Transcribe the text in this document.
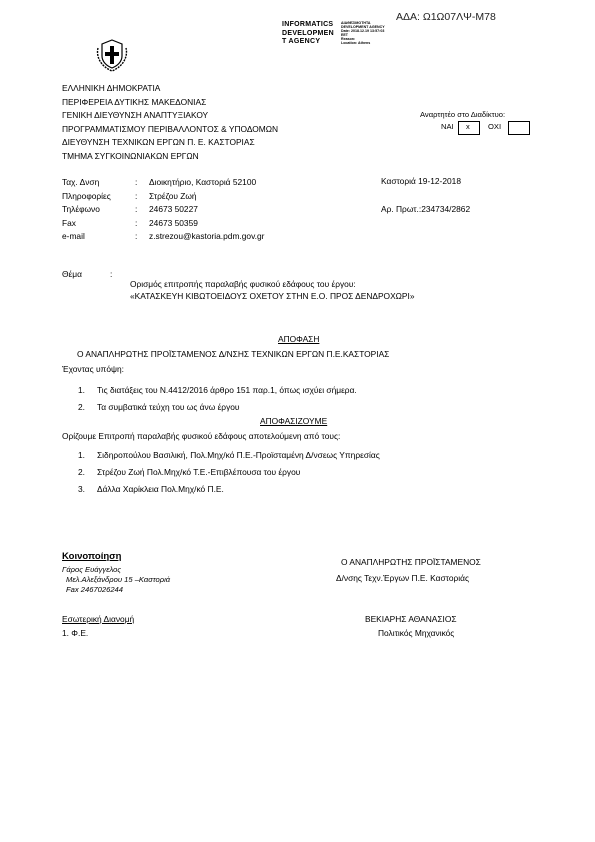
ΑΔΑ: Ω1Ω07ΛΨ-Μ78
INFORMATICS
DEVELOPMEN
T AGENCY
ΔΙΑΘΕΣΙΜΟΤΗΤΑ
DEVELOPMENT AGENCY
Date: 2018.12.19 13:57:03
EET
Reason:
Location: Athens
ΕΛΛΗΝΙΚΗ ΔΗΜΟΚΡΑΤΙΑ
ΠΕΡΙΦΕΡΕΙΑ ΔΥΤΙΚΗΣ ΜΑΚΕΔΟΝΙΑΣ
ΓΕΝΙΚΗ ΔΙΕΥΘΥΝΣΗ ΑΝΑΠΤΥΞΙΑΚΟΥ
ΠΡΟΓΡΑΜΜΑΤΙΣΜΟΥ ΠΕΡΙΒΑΛΛΟΝΤΟΣ & ΥΠΟΔΟΜΩΝ
ΔΙΕΥΘΥΝΣΗ ΤΕΧΝΙΚΩΝ ΕΡΓΩΝ Π. Ε. ΚΑΣΤΟΡΙΑΣ
ΤΜΗΜΑ ΣΥΓΚΟΙΝΩΝΙΑΚΩΝ ΕΡΓΩΝ
Αναρτητέο στο Διαδίκτυο:
ΝΑΙ x ΟΧΙ
Ταχ. Δνση	: Διοικητήριο, Καστοριά 52100
Πληροφορίες	: Στρέζου Ζωή
Τηλέφωνο	: 24673 50227
Fax	: 24673 50359
e-mail	: z.strezou@kastoria.pdm.gov.gr
Καστοριά 19-12-2018
Αρ. Πρωτ.:234734/2862
Θέμα	:
Ορισμός επιτροπής παραλαβής φυσικού εδάφους του έργου:
«ΚΑΤΑΣΚΕΥΗ ΚΙΒΩΤΟΕΙΔΟΥΣ ΟΧΕΤΟΥ ΣΤΗΝ Ε.Ο. ΠΡΟΣ ΔΕΝΔΡΟΧΩΡΙ»
ΑΠΟΦΑΣΗ
Ο ΑΝΑΠΛΗΡΩΤΗΣ ΠΡΟΪΣΤΑΜΕΝΟΣ Δ/ΝΣΗΣ ΤΕΧΝΙΚΩΝ ΕΡΓΩΝ Π.Ε.ΚΑΣΤΟΡΙΑΣ
Έχοντας υπόψη:
1. Τις διατάξεις του Ν.4412/2016 άρθρο 151 παρ.1, όπως ισχύει σήμερα.
2. Τα συμβατικά τεύχη του ως άνω έργου
ΑΠΟΦΑΣΙΖΟΥΜΕ
Ορίζουμε Επιτροπή παραλαβής φυσικού εδάφους αποτελούμενη από τους:
1. Σιδηροπούλου Βασιλική, Πολ.Μηχ/κό Π.Ε.-Προϊσταμένη Δ/νσεως Υπηρεσίας
2. Στρέζου Ζωή Πολ.Μηχ/κό Τ.Ε.-Επιβλέπουσα του έργου
3. Δάλλα Χαρίκλεια Πολ.Μηχ/κό Π.Ε.
Κοινοποίηση
Γάρος Ευάγγελος
Μελ.Αλεξάνδρου 15 –Καστοριά
Fax 2467026244
Εσωτερική Διανομή
1. Φ.Ε.
Ο ΑΝΑΠΛΗΡΩΤΗΣ ΠΡΟΪΣΤΑΜΕΝΟΣ
Δ/νσης Τεχν.Έργων Π.Ε. Καστοριάς
ΒΕΚΙΑΡΗΣ ΑΘΑΝΑΣΙΟΣ
Πολιτικός Μηχανικός
